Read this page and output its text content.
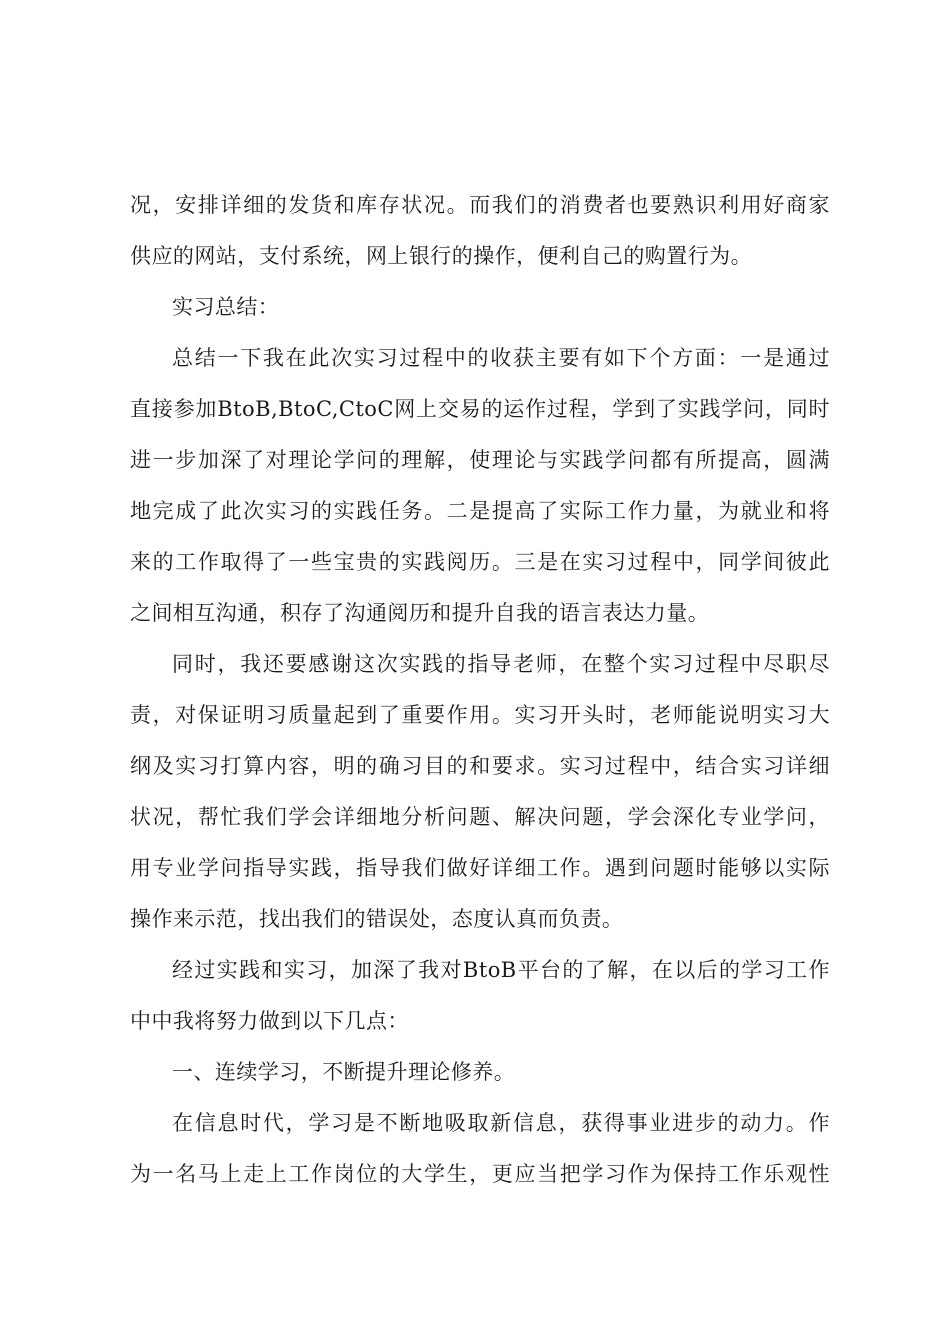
况，安排详细的发货和库存状况。而我们的消费者也要熟识利用好商家
供应的网站，支付系统，网上银行的操作，便利自己的购置行为。
实习总结：
总结一下我在此次实习过程中的收获主要有如下个方面：一是通过
直接参加BtoB,BtoC,CtoC网上交易的运作过程，学到了实践学问，同时
进一步加深了对理论学问的理解，使理论与实践学问都有所提高，圆满
地完成了此次实习的实践任务。二是提高了实际工作力量，为就业和将
来的工作取得了一些宝贵的实践阅历。三是在实习过程中，同学间彼此
之间相互沟通，积存了沟通阅历和提升自我的语言表达力量。
同时，我还要感谢这次实践的指导老师，在整个实习过程中尽职尽
责，对保证明习质量起到了重要作用。实习开头时，老师能说明实习大
纲及实习打算内容，明的确习目的和要求。实习过程中，结合实习详细
状况，帮忙我们学会详细地分析问题、解决问题，学会深化专业学问，
用专业学问指导实践，指导我们做好详细工作。遇到问题时能够以实际
操作来示范，找出我们的错误处，态度认真而负责。
经过实践和实习，加深了我对BtoB平台的了解，在以后的学习工作
中中我将努力做到以下几点：
一、连续学习，不断提升理论修养。
在信息时代，学习是不断地吸取新信息，获得事业进步的动力。作
为一名马上走上工作岗位的大学生，更应当把学习作为保持工作乐观性
